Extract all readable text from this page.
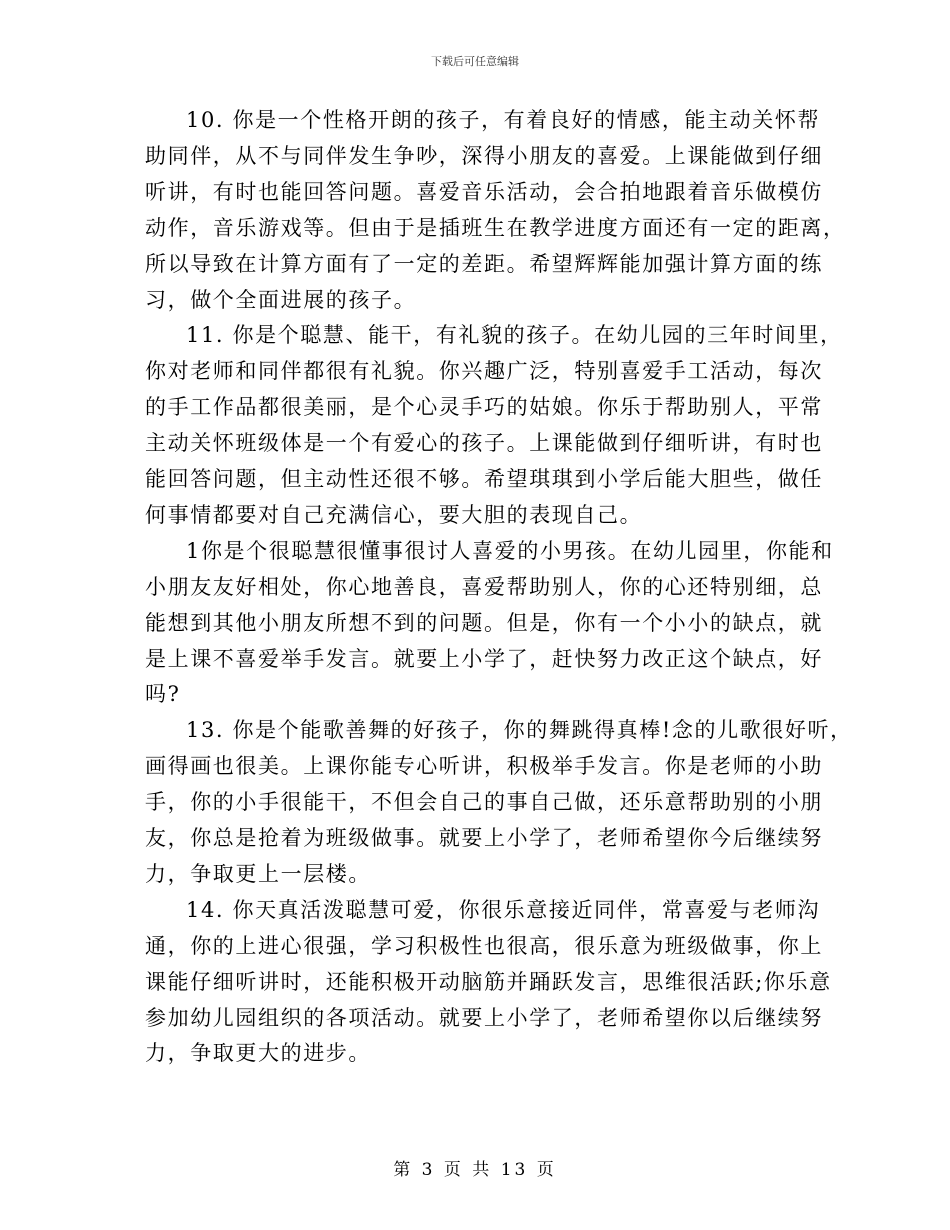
下载后可任意编辑
10. 你是一个性格开朗的孩子，有着良好的情感，能主动关怀帮
助同伴，从不与同伴发生争吵，深得小朋友的喜爱。上课能做到仔细
听讲，有时也能回答问题。喜爱音乐活动，会合拍地跟着音乐做模仿
动作，音乐游戏等。但由于是插班生在教学进度方面还有一定的距离，
所以导致在计算方面有了一定的差距。希望辉辉能加强计算方面的练
习，做个全面进展的孩子。
11. 你是个聪慧、能干，有礼貌的孩子。在幼儿园的三年时间里，
你对老师和同伴都很有礼貌。你兴趣广泛，特别喜爱手工活动，每次
的手工作品都很美丽，是个心灵手巧的姑娘。你乐于帮助别人，平常
主动关怀班级体是一个有爱心的孩子。上课能做到仔细听讲，有时也
能回答问题，但主动性还很不够。希望琪琪到小学后能大胆些，做任
何事情都要对自己充满信心，要大胆的表现自己。
1你是个很聪慧很懂事很讨人喜爱的小男孩。在幼儿园里，你能和
小朋友友好相处，你心地善良，喜爱帮助别人，你的心还特别细，总
能想到其他小朋友所想不到的问题。但是，你有一个小小的缺点，就
是上课不喜爱举手发言。就要上小学了，赶快努力改正这个缺点，好
吗?
13. 你是个能歌善舞的好孩子，你的舞跳得真棒!念的儿歌很好听，
画得画也很美。上课你能专心听讲，积极举手发言。你是老师的小助
手，你的小手很能干，不但会自己的事自己做，还乐意帮助别的小朋
友，你总是抢着为班级做事。就要上小学了，老师希望你今后继续努
力，争取更上一层楼。
14. 你天真活泼聪慧可爱，你很乐意接近同伴，常喜爱与老师沟
通，你的上进心很强，学习积极性也很高，很乐意为班级做事，你上
课能仔细听讲时，还能积极开动脑筋并踊跃发言，思维很活跃;你乐意
参加幼儿园组织的各项活动。就要上小学了，老师希望你以后继续努
力，争取更大的进步。
第 3 页 共 13 页
